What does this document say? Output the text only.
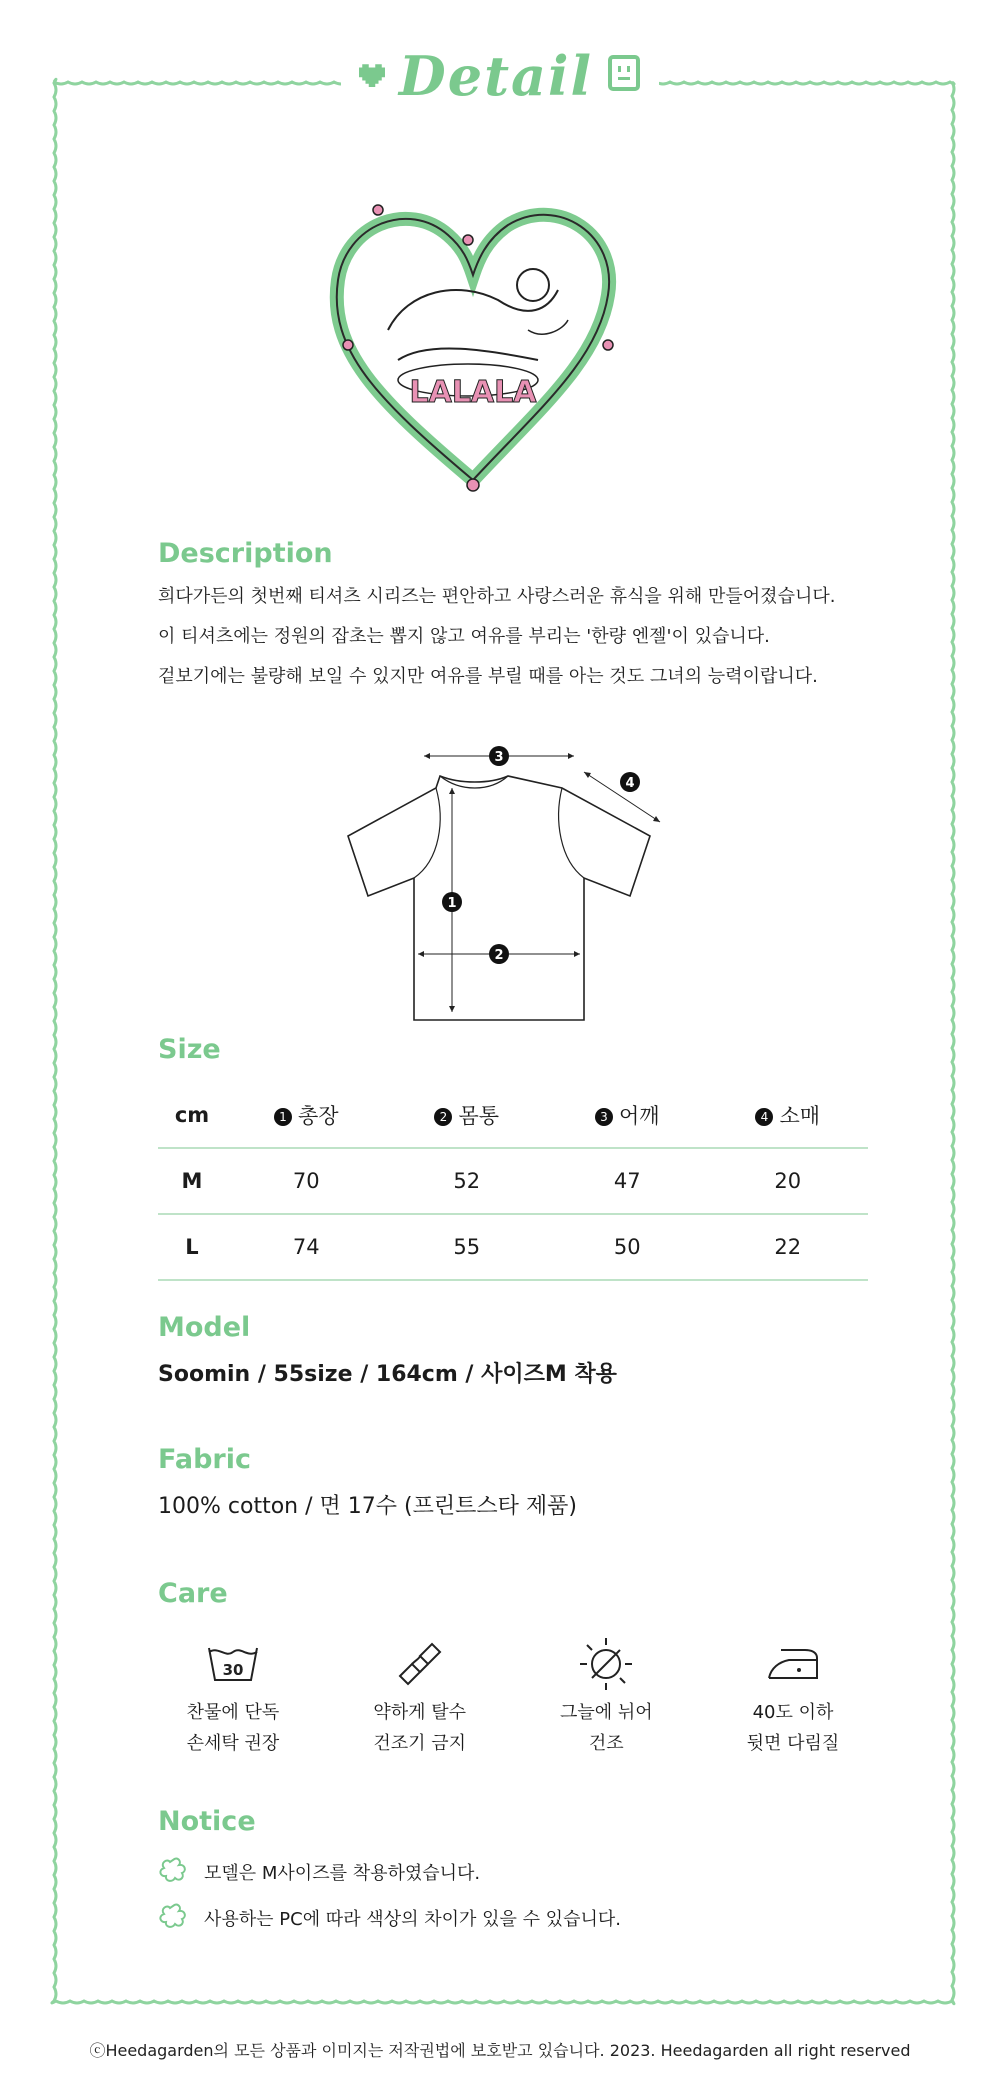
Detail
LALALA
Description
희다가든의 첫번째 티셔츠 시리즈는 편안하고 사랑스러운 휴식을 위해 만들어졌습니다.
이 티셔츠에는 정원의 잡초는 뽑지 않고 여유를 부리는 '한량 엔젤'이 있습니다.
겉보기에는 불량해 보일 수 있지만 여유를 부릴 때를 아는 것도 그녀의 능력이랍니다.
1
2
3
4
Size
cm	1 총장	2 몸통	3 어깨	4 소매
M	70	52	47	20
L	74	55	50	22
Model
Soomin / 55size / 164cm / 사이즈M 착용
Fabric
100% cotton / 면 17수 (프린트스타 제품)
Care
30
찬물에 단독
손세탁 권장
약하게 탈수
건조기 금지
그늘에 뉘어
건조
40도 이하
뒷면 다림질
Notice
모델은 M사이즈를 착용하였습니다.
사용하는 PC에 따라 색상의 차이가 있을 수 있습니다.
ⓒHeedagarden의 모든 상품과 이미지는 저작권법에 보호받고 있습니다. 2023. Heedagarden all right reserved
